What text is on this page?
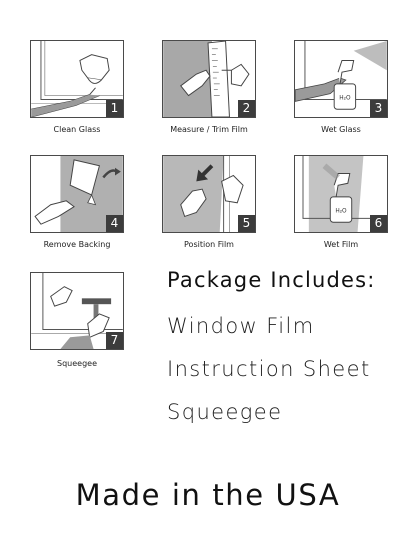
1
Clean Glass
2
Measure / Trim Film
H₂O
3
Wet Glass
4
Remove Backing
5
Position Film
H₂O
6
Wet Film
7
Squeegee
Package Includes:
Window Film
Instruction Sheet
Squeegee
Made in the USA
